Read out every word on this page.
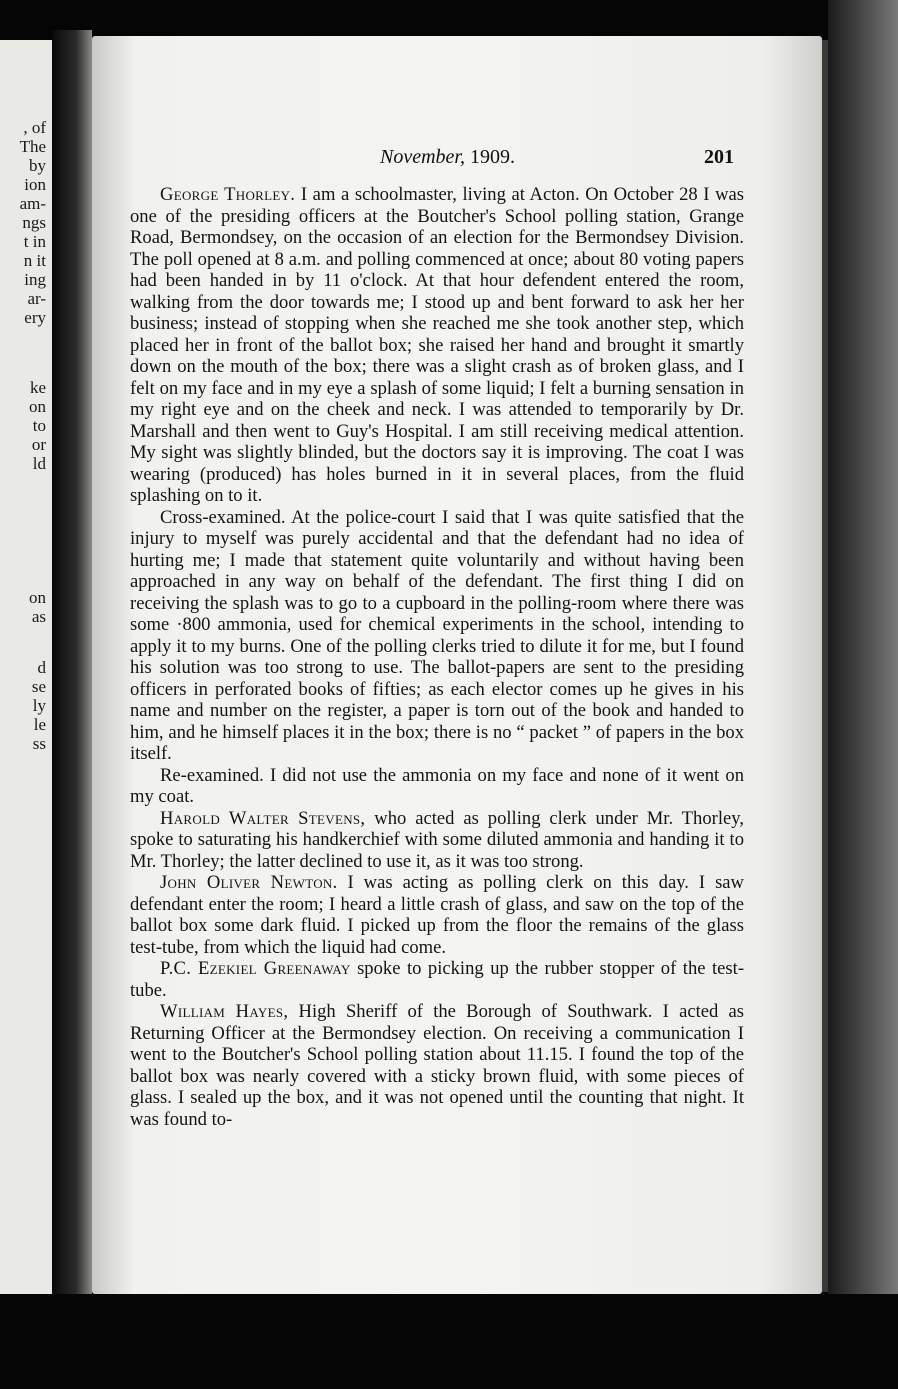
, of
The
by
ion
am-
ngs
t in
n it
ing
ar-
ery
ke
on
to
or
ld
on
as
d
se
ly
le
ss
November, 1909.	201

George Thorley. I am a schoolmaster, living at Acton. On October 28 I was one of the presiding officers at the Boutcher's School polling station, Grange Road, Bermondsey, on the occasion of an election for the Bermondsey Division. The poll opened at 8 a.m. and polling commenced at once; about 80 voting papers had been handed in by 11 o'clock. At that hour defendent entered the room, walking from the door towards me; I stood up and bent forward to ask her her business; instead of stopping when she reached me she took another step, which placed her in front of the ballot box; she raised her hand and brought it smartly down on the mouth of the box; there was a slight crash as of broken glass, and I felt on my face and in my eye a splash of some liquid; I felt a burning sensation in my right eye and on the cheek and neck. I was attended to temporarily by Dr. Marshall and then went to Guy's Hospital. I am still receiving medical attention. My sight was slightly blinded, but the doctors say it is improving. The coat I was wearing (produced) has holes burned in it in several places, from the fluid splashing on to it.

Cross-examined. At the police-court I said that I was quite satisfied that the injury to myself was purely accidental and that the defendant had no idea of hurting me; I made that statement quite voluntarily and without having been approached in any way on behalf of the defendant. The first thing I did on receiving the splash was to go to a cupboard in the polling-room where there was some ·800 ammonia, used for chemical experiments in the school, intending to apply it to my burns. One of the polling clerks tried to dilute it for me, but I found his solution was too strong to use. The ballot-papers are sent to the presiding officers in perforated books of fifties; as each elector comes up he gives in his name and number on the register, a paper is torn out of the book and handed to him, and he himself places it in the box; there is no “ packet ” of papers in the box itself.

Re-examined. I did not use the ammonia on my face and none of it went on my coat.

Harold Walter Stevens, who acted as polling clerk under Mr. Thorley, spoke to saturating his handkerchief with some diluted ammonia and handing it to Mr. Thorley; the latter declined to use it, as it was too strong.

John Oliver Newton. I was acting as polling clerk on this day. I saw defendant enter the room; I heard a little crash of glass, and saw on the top of the ballot box some dark fluid. I picked up from the floor the remains of the glass test-tube, from which the liquid had come.

P.C. Ezekiel Greenaway spoke to picking up the rubber stopper of the test-tube.

William Hayes, High Sheriff of the Borough of Southwark. I acted as Returning Officer at the Bermondsey election. On receiving a communication I went to the Boutcher's School polling station about 11.15. I found the top of the ballot box was nearly covered with a sticky brown fluid, with some pieces of glass. I sealed up the box, and it was not opened until the counting that night. It was found to-
